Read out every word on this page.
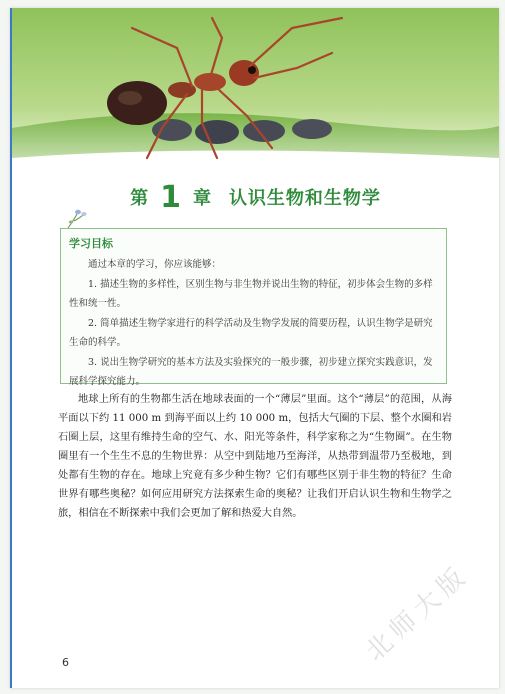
第 1 章 认识生物和生物学
学习目标

通过本章的学习，你应该能够：

1. 描述生物的多样性，区别生物与非生物并说出生物的特征，初步体会生物的多样性和统一性。

2. 简单描述生物学家进行的科学活动及生物学发展的简要历程，认识生物学是研究生命的科学。

3. 说出生物学研究的基本方法及实验探究的一般步骤，初步建立探究实践意识，发展科学探究能力。

地球上所有的生物都生活在地球表面的一个“薄层”里面。这个“薄层”的范围，从海平面以下约 11 000 m 到海平面以上约 10 000 m，包括大气圈的下层、整个水圈和岩石圈上层，这里有维持生命的空气、水、阳光等条件，科学家称之为“生物圈”。在生物圈里有一个生生不息的生物世界：从空中到陆地乃至海洋，从热带到温带乃至极地，到处都有生物的存在。地球上究竟有多少种生物？它们有哪些区别于非生物的特征？生命世界有哪些奥秘？如何应用研究方法探索生命的奥秘？让我们开启认识生物和生物学之旅，相信在不断探索中我们会更加了解和热爱大自然。

6	北师大版
